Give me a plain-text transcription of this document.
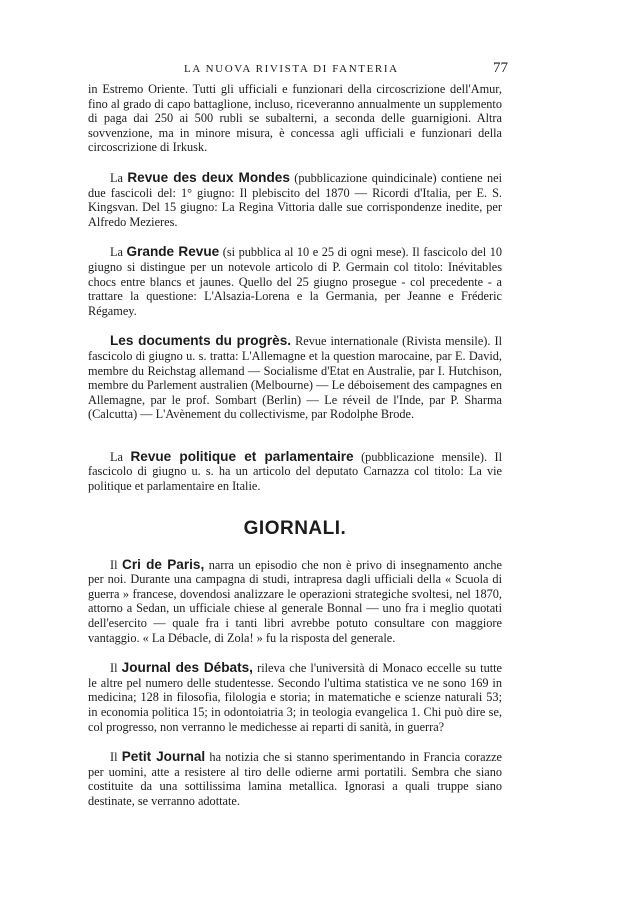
LA NUOVA RIVISTA DI FANTERIA	77

in Estremo Oriente. Tutti gli ufficiali e funzionari della circoscrizione dell'Amur, fino al grado di capo battaglione, incluso, riceveranno annualmente un supplemento di paga dai 250 ai 500 rubli se subalterni, a seconda delle guarnigioni. Altra sovvenzione, ma in minore misura, è concessa agli ufficiali e funzionari della circoscrizione di Irkusk.

La Revue des deux Mondes (pubblicazione quindicinale) contiene nei due fascicoli del: 1° giugno: Il plebiscito del 1870 — Ricordi d'Italia, per E. S. Kingsvan. Del 15 giugno: La Regina Vittoria dalle sue corrispondenze inedite, per Alfredo Mezieres.

La Grande Revue (si pubblica al 10 e 25 di ogni mese). Il fascicolo del 10 giugno si distingue per un notevole articolo di P. Germain col titolo: Inévitables chocs entre blancs et jaunes. Quello del 25 giugno prosegue - col precedente - a trattare la questione: L'Alsazia-Lorena e la Germania, per Jeanne e Fréderic Régamey.

Les documents du progrès. Revue internationale (Rivista mensile). Il fascicolo di giugno u. s. tratta: L'Allemagne et la question marocaine, par E. David, membre du Reichstag allemand — Socialisme d'Etat en Australie, par I. Hutchison, membre du Parlement australien (Melbourne) — Le déboisement des campagnes en Allemagne, par le prof. Sombart (Berlin) — Le réveil de l'Inde, par P. Sharma (Calcutta) — L'Avènement du collectivisme, par Rodolphe Brode.

La Revue politique et parlamentaire (pubblicazione mensile). Il fascicolo di giugno u. s. ha un articolo del deputato Carnazza col titolo: La vie politique et parlamentaire en Italie.

GIORNALI.

Il Cri de Paris, narra un episodio che non è privo di insegnamento anche per noi. Durante una campagna di studi, intrapresa dagli ufficiali della « Scuola di guerra » francese, dovendosi analizzare le operazioni strategiche svoltesi, nel 1870, attorno a Sedan, un ufficiale chiese al generale Bonnal — uno fra i meglio quotati dell'esercito — quale fra i tanti libri avrebbe potuto consultare con maggiore vantaggio. « La Débacle, di Zola! » fu la risposta del generale.

Il Journal des Débats, rileva che l'università di Monaco eccelle su tutte le altre pel numero delle studentesse. Secondo l'ultima statistica ve ne sono 169 in medicina; 128 in filosofia, filologia e storia; in matematiche e scienze naturali 53; in economia politica 15; in odontoiatria 3; in teologia evangelica 1. Chi può dire se, col progresso, non verranno le medichesse ai reparti di sanità, in guerra?

Il Petit Journal ha notizia che si stanno sperimentando in Francia corazze per uomini, atte a resistere al tiro delle odierne armi portatili. Sembra che siano costituite da una sottilissima lamina metallica. Ignorasi a quali truppe siano destinate, se verranno adottate.
